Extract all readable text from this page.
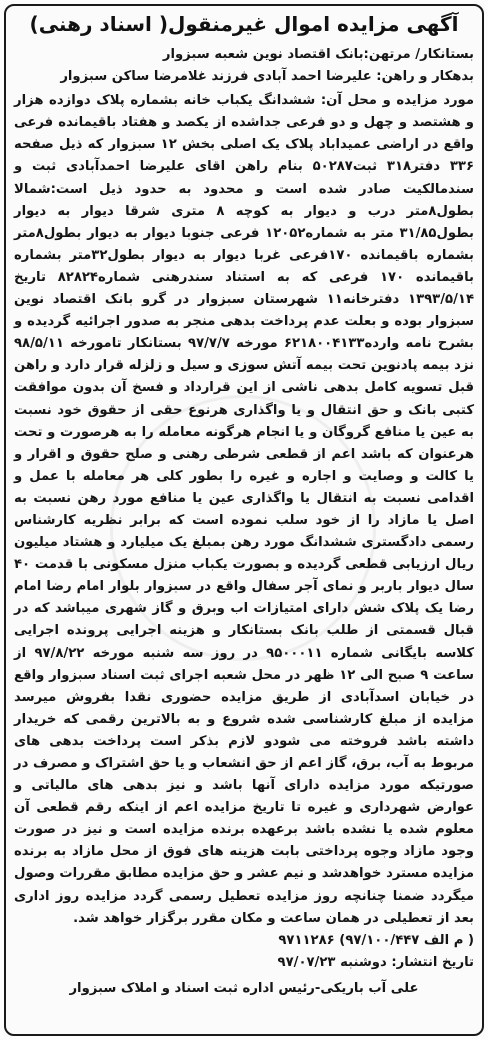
آگهی مزایده اموال غیرمنقول( اسناد رهنی)
بستانکار/ مرتهن:بانک اقتصاد نوین شعبه سبزوار
بدهکار و راهن: علیرضا احمد آبادی فرزند غلامرضا ساکن سبزوار
مورد مزایده و محل آن: ششدانگ یکباب خانه بشماره پلاک دوازده هزار و هشتصد و چهل و دو فرعی جداشده از یکصد و هفتاد باقیمانده فرعی واقع در اراضی عمیداباد پلاک یک اصلی بخش ۱۲ سبزوار که ذیل صفحه ۳۳۶ دفتر۳۱۸ ثبت۵۰۲۸۷ بنام راهن اقای علیرضا احمدآبادی ثبت و سندمالکیت صادر شده است و محدود به حدود ذیل است:شمالا بطول۸متر درب و دیوار به کوچه ۸ متری شرقا دیوار به دیوار بطول۳۱/۸۵ متر به شماره۱۲۰۵۲ فرعی جنوبا دیوار به دیوار بطول۸متر بشماره باقیمانده ۱۷۰فرعی غربا دیوار به دیوار بطول۳۲متر بشماره باقیمانده ۱۷۰ فرعی که به استناد سندرهنی شماره۸۲۸۲۴ تاریخ ۱۳۹۳/۵/۱۴ دفترخانه۱۱ شهرستان سبزوار در گرو بانک اقتصاد نوین سبزوار بوده و بعلت عدم پرداخت بدهی منجر به صدور اجرائیه گردیده و بشرح نامه وارده۶۲۱۸۰۰۴۱۳۳ مورخه ۹۷/۷/۷ بستانکار تامورخه ۹۸/۵/۱۱ نزد بیمه پادنوین تحت بیمه آتش سوزی و سیل و زلزله قرار دارد و راهن قبل تسویه کامل بدهی ناشی از این قرارداد و فسخ آن بدون موافقت کتبی بانک و حق انتقال و یا واگذاری هرنوع حقی از حقوق خود نسبت به عین یا منافع گروگان و یا انجام هرگونه معامله را به هرصورت و تحت هرعنوان که باشد اعم از قطعی شرطی رهنی و صلح حقوق و اقرار و یا کالت و وصایت و اجاره و غیره را بطور کلی هر معامله با عمل و اقدامی نسبت به انتقال یا واگذاری عین یا منافع مورد رهن نسبت به اصل یا مازاد را از خود سلب نموده است که برابر نظریه کارشناس رسمی دادگستری ششدانگ مورد رهن بمبلغ یک میلیارد و هشتاد میلیون ریال ارزیابی قطعی گردیده و بصورت یکباب منزل مسکونی با قدمت ۴۰ سال دیوار باربر و نمای آجر سفال واقع در سبزوار بلوار امام رضا امام رضا یک پلاک شش دارای امتیازات اب وبرق و گاز شهری میباشد که در قبال قسمتی از طلب بانک بستانکار و هزینه اجرایی پرونده اجرایی کلاسه بایگانی شماره ۹۵۰۰۰۱۱ در روز سه شنبه مورخه ۹۷/۸/۲۲ از ساعت ۹ صبح الی ۱۲ ظهر در محل شعبه اجرای ثبت اسناد سبزوار واقع در خیابان اسدآبادی از طریق مزایده حضوری نقدا بفروش میرسد مزایده از مبلغ کارشناسی شده شروع و به بالاترین رقمی که خریدار داشته باشد فروخته می شودو لازم بذکر است پرداخت بدهی های مربوط به آب، برق، گاز اعم از حق انشعاب و یا حق اشتراک و مصرف در صورتیکه مورد مزایده دارای آنها باشد و نیز بدهی های مالیاتی و عوارض شهرداری و غیره تا تاریخ مزایده اعم از اینکه رقم قطعی آن معلوم شده یا نشده باشد برعهده برنده مزایده است و نیز در صورت وجود مازاد وجوه پرداختی بابت هزینه های فوق از محل مازاد به برنده مزایده مسترد خواهدشد و نیم عشر و حق مزایده مطابق مقررات وصول میگردد ضمنا چنانچه روز مزایده تعطیل رسمی گردد مزایده روز اداری بعد از تعطیلی در همان ساعت و مکان مقرر برگزار خواهد شد.
( م الف ۹۷/۱۰۰/۴۴۷) ۹۷۱۱۲۸۶
تاریخ انتشار: دوشنبه ۹۷/۰۷/۲۳
علی آب باریکی-رئیس اداره ثبت اسناد و املاک سبزوار
